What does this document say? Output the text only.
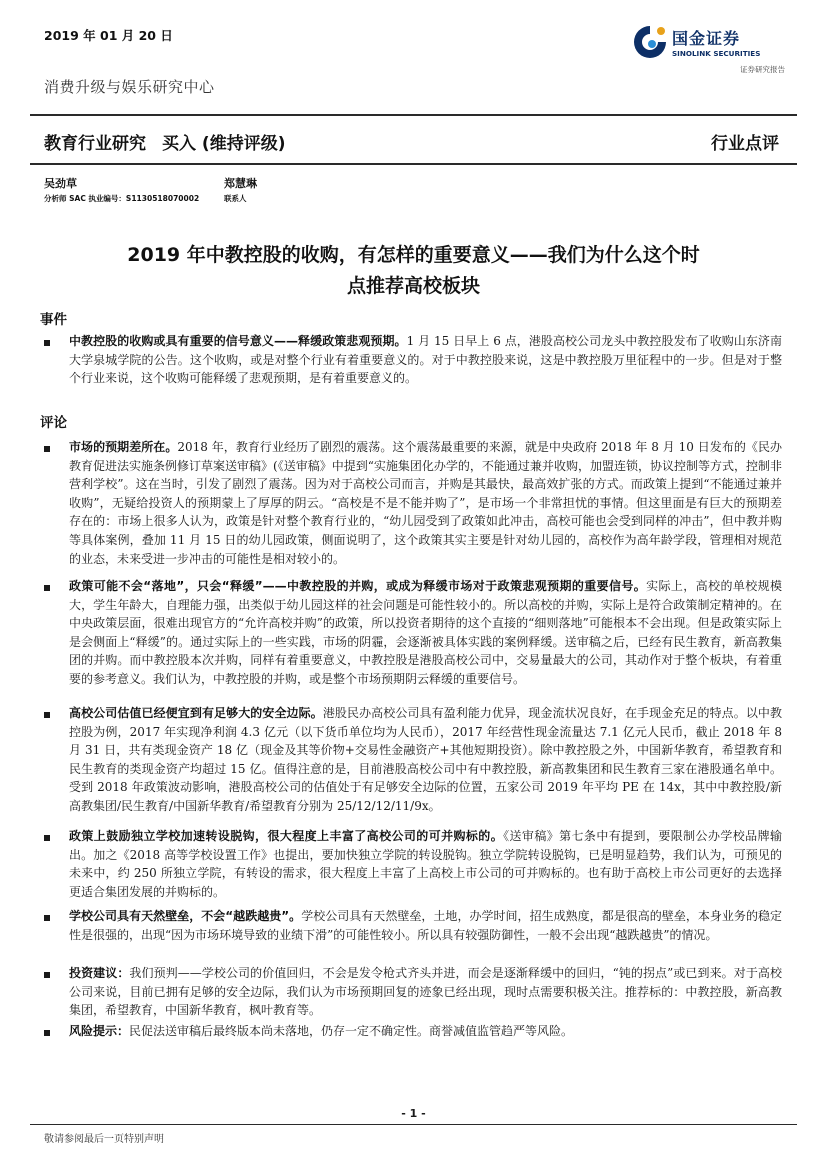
2019 年 01 月 20 日	国金证券
SINOLINK SECURITIES
证券研究报告
消费升级与娱乐研究中心
教育行业研究 买入 (维持评级)	行业点评
吴劲草
分析师 SAC 执业编号：S1130518070002
郑慧琳
联系人
2019 年中教控股的收购，有怎样的重要意义——我们为什么这个时
点推荐高校板块
事件
中教控股的收购或具有重要的信号意义——释缓政策悲观预期。1 月 15 日早上 6 点，港股高校公司龙头中教控股发布了收购山东济南大学泉城学院的公告。这个收购，或是对整个行业有着重要意义的。对于中教控股来说，这是中教控股万里征程中的一步。但是对于整个行业来说，这个收购可能释缓了悲观预期，是有着重要意义的。
评论
市场的预期差所在。2018 年，教育行业经历了剧烈的震荡。这个震荡最重要的来源，就是中央政府 2018 年 8 月 10 日发布的《民办教育促进法实施条例修订草案送审稿》(《送审稿》中提到“实施集团化办学的，不能通过兼并收购，加盟连锁，协议控制等方式，控制非营利学校”。这在当时，引发了剧烈了震荡。因为对于高校公司而言，并购是其最快，最高效扩张的方式。而政策上提到“不能通过兼并收购”，无疑给投资人的预期蒙上了厚厚的阴云。“高校是不是不能并购了”，是市场一个非常担忧的事情。但这里面是有巨大的预期差存在的：市场上很多人认为，政策是针对整个教育行业的，“幼儿园受到了政策如此冲击，高校可能也会受到同样的冲击”，但中教并购等具体案例，叠加 11 月 15 日的幼儿园政策，侧面说明了，这个政策其实主要是针对幼儿园的，高校作为高年龄学段，管理相对规范的业态，未来受进一步冲击的可能性是相对较小的。
政策可能不会“落地”，只会“释缓”——中教控股的并购，或成为释缓市场对于政策悲观预期的重要信号。实际上，高校的单校规模大，学生年龄大，自理能力强，出类似于幼儿园这样的社会问题是可能性较小的。所以高校的并购，实际上是符合政策制定精神的。在中央政策层面，很难出现官方的“允许高校并购”的政策，所以投资者期待的这个直接的“细则落地”可能根本不会出现。但是政策实际上是会侧面上“释缓”的。通过实际上的一些实践，市场的阴霾，会逐渐被具体实践的案例释缓。送审稿之后，已经有民生教育，新高教集团的并购。而中教控股本次并购，同样有着重要意义，中教控股是港股高校公司中，交易量最大的公司，其动作对于整个板块，有着重要的参考意义。我们认为，中教控股的并购，或是整个市场预期阴云释缓的重要信号。
高校公司估值已经便宜到有足够大的安全边际。港股民办高校公司具有盈利能力优异，现金流状况良好，在手现金充足的特点。以中教控股为例，2017 年实现净利润 4.3 亿元（以下货币单位均为人民币），2017 年经营性现金流量达 7.1 亿元人民币，截止 2018 年 8 月 31 日，共有类现金资产 18 亿（现金及其等价物+交易性金融资产+其他短期投资）。除中教控股之外，中国新华教育，希望教育和民生教育的类现金资产均超过 15 亿。值得注意的是，目前港股高校公司中有中教控股，新高教集团和民生教育三家在港股通名单中。受到 2018 年政策波动影响，港股高校公司的估值处于有足够安全边际的位置，五家公司 2019 年平均 PE 在 14x，其中中教控股/新高教集团/民生教育/中国新华教育/希望教育分别为 25/12/12/11/9x。
政策上鼓励独立学校加速转设脱钩，很大程度上丰富了高校公司的可并购标的。《送审稿》第七条中有提到，要限制公办学校品牌输出。加之《2018 高等学校设置工作》也提出，要加快独立学院的转设脱钩。独立学院转设脱钩，已是明显趋势，我们认为，可预见的未来中，约 250 所独立学院，有转设的需求，很大程度上丰富了上高校上市公司的可并购标的。也有助于高校上市公司更好的去选择更适合集团发展的并购标的。
学校公司具有天然壁垒，不会“越跌越贵”。学校公司具有天然壁垒，土地，办学时间，招生成熟度，都是很高的壁垒，本身业务的稳定性是很强的，出现“因为市场环境导致的业绩下滑”的可能性较小。所以具有较强防御性，一般不会出现“越跌越贵”的情况。
投资建议：我们预判——学校公司的价值回归，不会是发令枪式齐头并进，而会是逐渐释缓中的回归，“钝的拐点”或已到来。对于高校公司来说，目前已拥有足够的安全边际，我们认为市场预期回复的迹象已经出现，现时点需要积极关注。推荐标的：中教控股，新高教集团，希望教育，中国新华教育，枫叶教育等。
风险提示：民促法送审稿后最终版本尚未落地，仍存一定不确定性。商誉减值监管趋严等风险。
- 1 -
敬请参阅最后一页特别声明
